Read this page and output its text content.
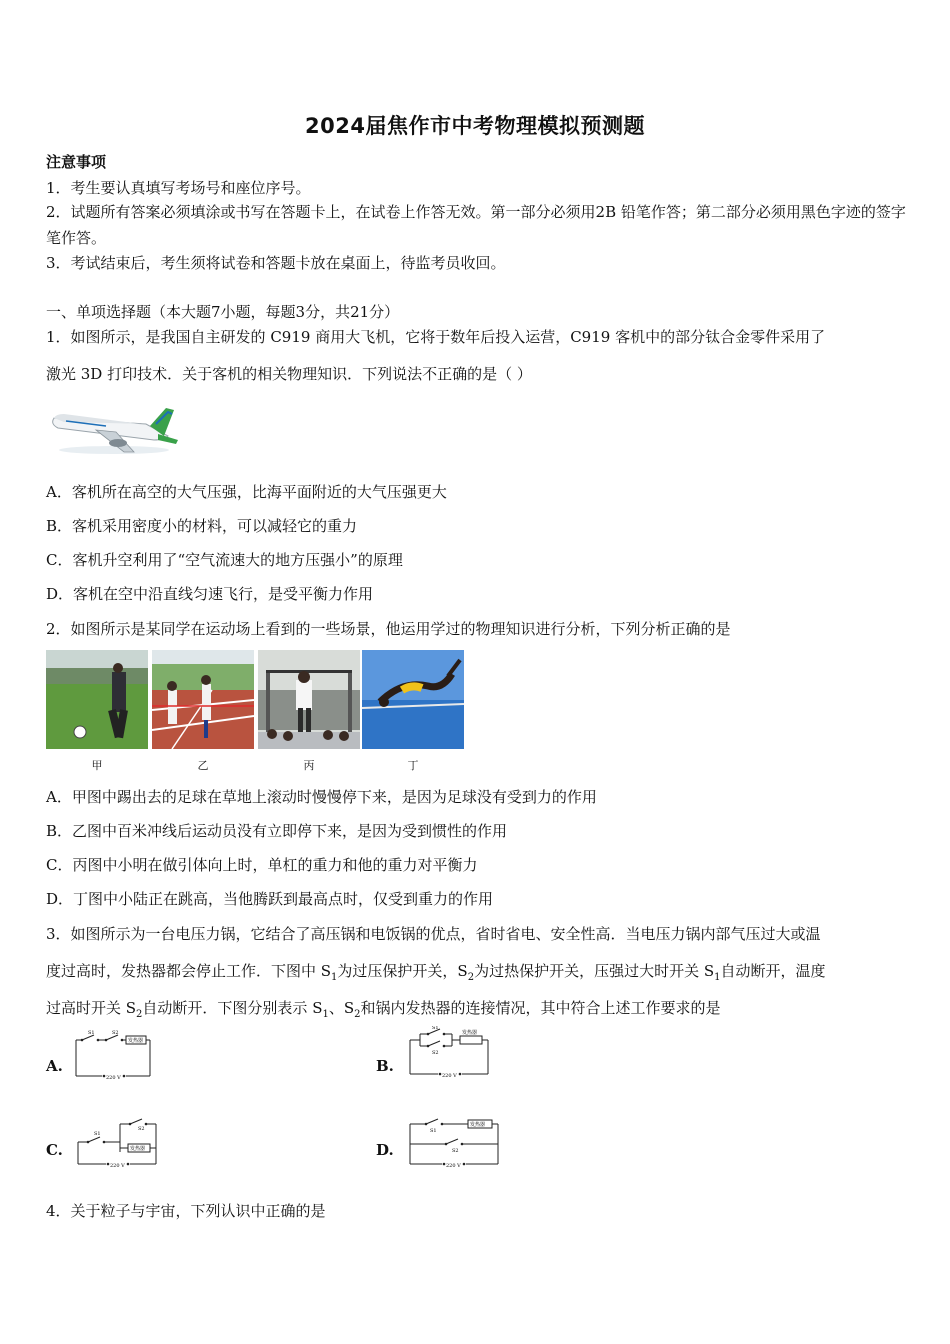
2024届焦作市中考物理模拟预测题
注意事项
1．考生要认真填写考场号和座位序号。
2．试题所有答案必须填涂或书写在答题卡上，在试卷上作答无效。第一部分必须用2B 铅笔作答；第二部分必须用黑色字迹的签字笔作答。
3．考试结束后，考生须将试卷和答题卡放在桌面上，待监考员收回。
一、单项选择题（本大题7小题，每题3分，共21分）
1．如图所示，是我国自主研发的 C919 商用大飞机，它将于数年后投入运营，C919 客机中的部分钛合金零件采用了
激光 3D 打印技术．关于客机的相关物理知识．下列说法不正确的是（ ）
A．客机所在高空的大气压强，比海平面附近的大气压强更大
B．客机采用密度小的材料，可以减轻它的重力
C．客机升空利用了“空气流速大的地方压强小”的原理
D．客机在空中沿直线匀速飞行，是受平衡力作用
2．如图所示是某同学在运动场上看到的一些场景，他运用学过的物理知识进行分析，下列分析正确的是
甲	乙	丙	丁
A．甲图中踢出去的足球在草地上滚动时慢慢停下来，是因为足球没有受到力的作用
B．乙图中百米冲线后运动员没有立即停下来，是因为受到惯性的作用
C．丙图中小明在做引体向上时，单杠的重力和他的重力对平衡力
D．丁图中小陆正在跳高，当他腾跃到最高点时，仅受到重力的作用
3．如图所示为一台电压力锅，它结合了高压锅和电饭锅的优点，省时省电、安全性高．当电压力锅内部气压过大或温
度过高时，发热器都会停止工作．下图中 $S_1$为过压保护开关，$S_2$为过热保护开关，压强过大时开关 $S_1$自动断开，温度
过高时开关 $S_2$自动断开．下图分别表示 $S_1$、$S_2$和锅内发热器的连接情况，其中符合上述工作要求的是
A.	B.
C.	D.
S1	S2
发热器
220 V
S1
S2
发热器
220 V
S1
S2
发热器
220 V
S1
S2
发热器
220 V
4．关于粒子与宇宙，下列认识中正确的是
